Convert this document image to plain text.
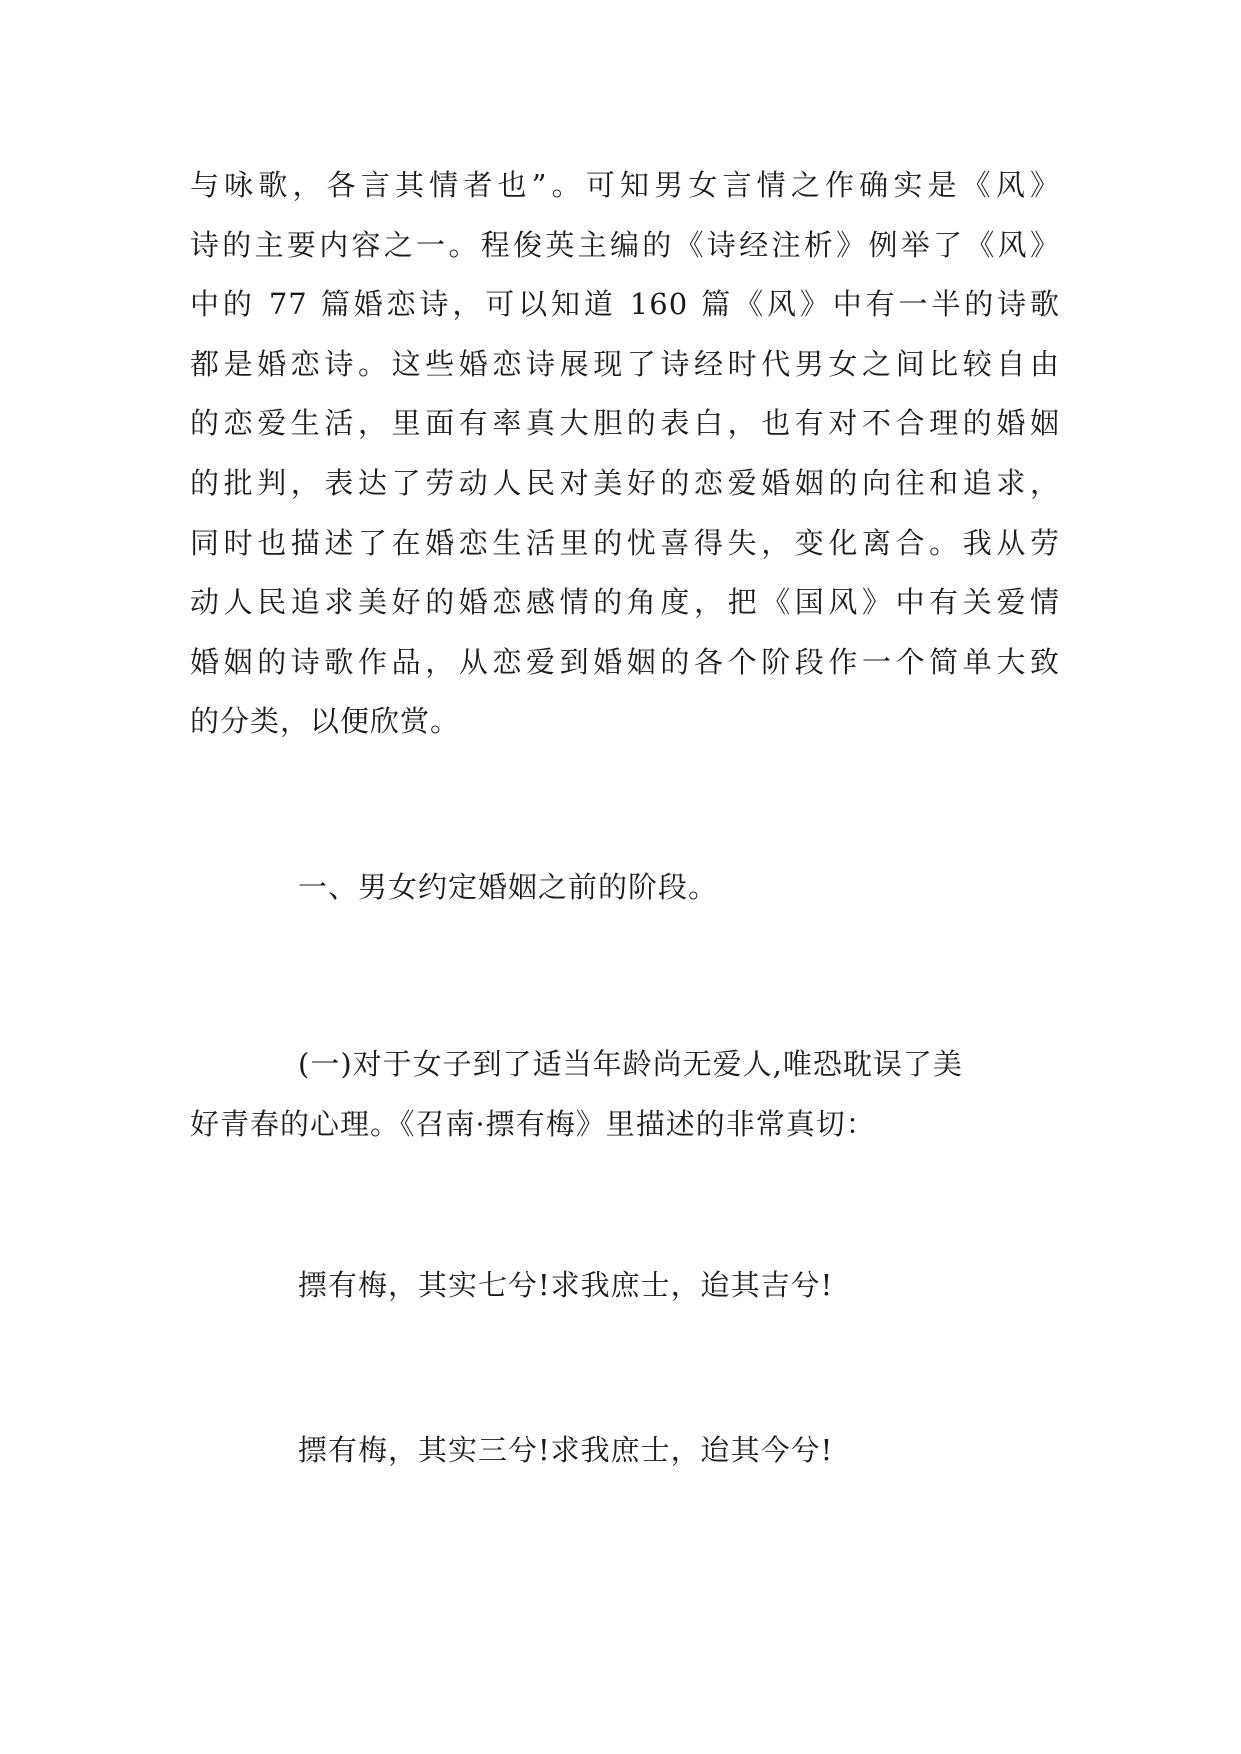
与咏歌，各言其情者也”。可知男女言情之作确实是《风》
诗的主要内容之一。程俊英主编的《诗经注析》例举了《风》
中的 77 篇婚恋诗，可以知道 160 篇《风》中有一半的诗歌
都是婚恋诗。这些婚恋诗展现了诗经时代男女之间比较自由
的恋爱生活，里面有率真大胆的表白，也有对不合理的婚姻
的批判，表达了劳动人民对美好的恋爱婚姻的向往和追求，
同时也描述了在婚恋生活里的忧喜得失，变化离合。我从劳
动人民追求美好的婚恋感情的角度，把《国风》中有关爱情
婚姻的诗歌作品，从恋爱到婚姻的各个阶段作一个简单大致
的分类，以便欣赏。

一、男女约定婚姻之前的阶段。

(一)对于女子到了适当年龄尚无爱人,唯恐耽误了美
好青春的心理。《召南·摽有梅》里描述的非常真切：

摽有梅，其实七兮!求我庶士，迨其吉兮!

摽有梅，其实三兮!求我庶士，迨其今兮!
